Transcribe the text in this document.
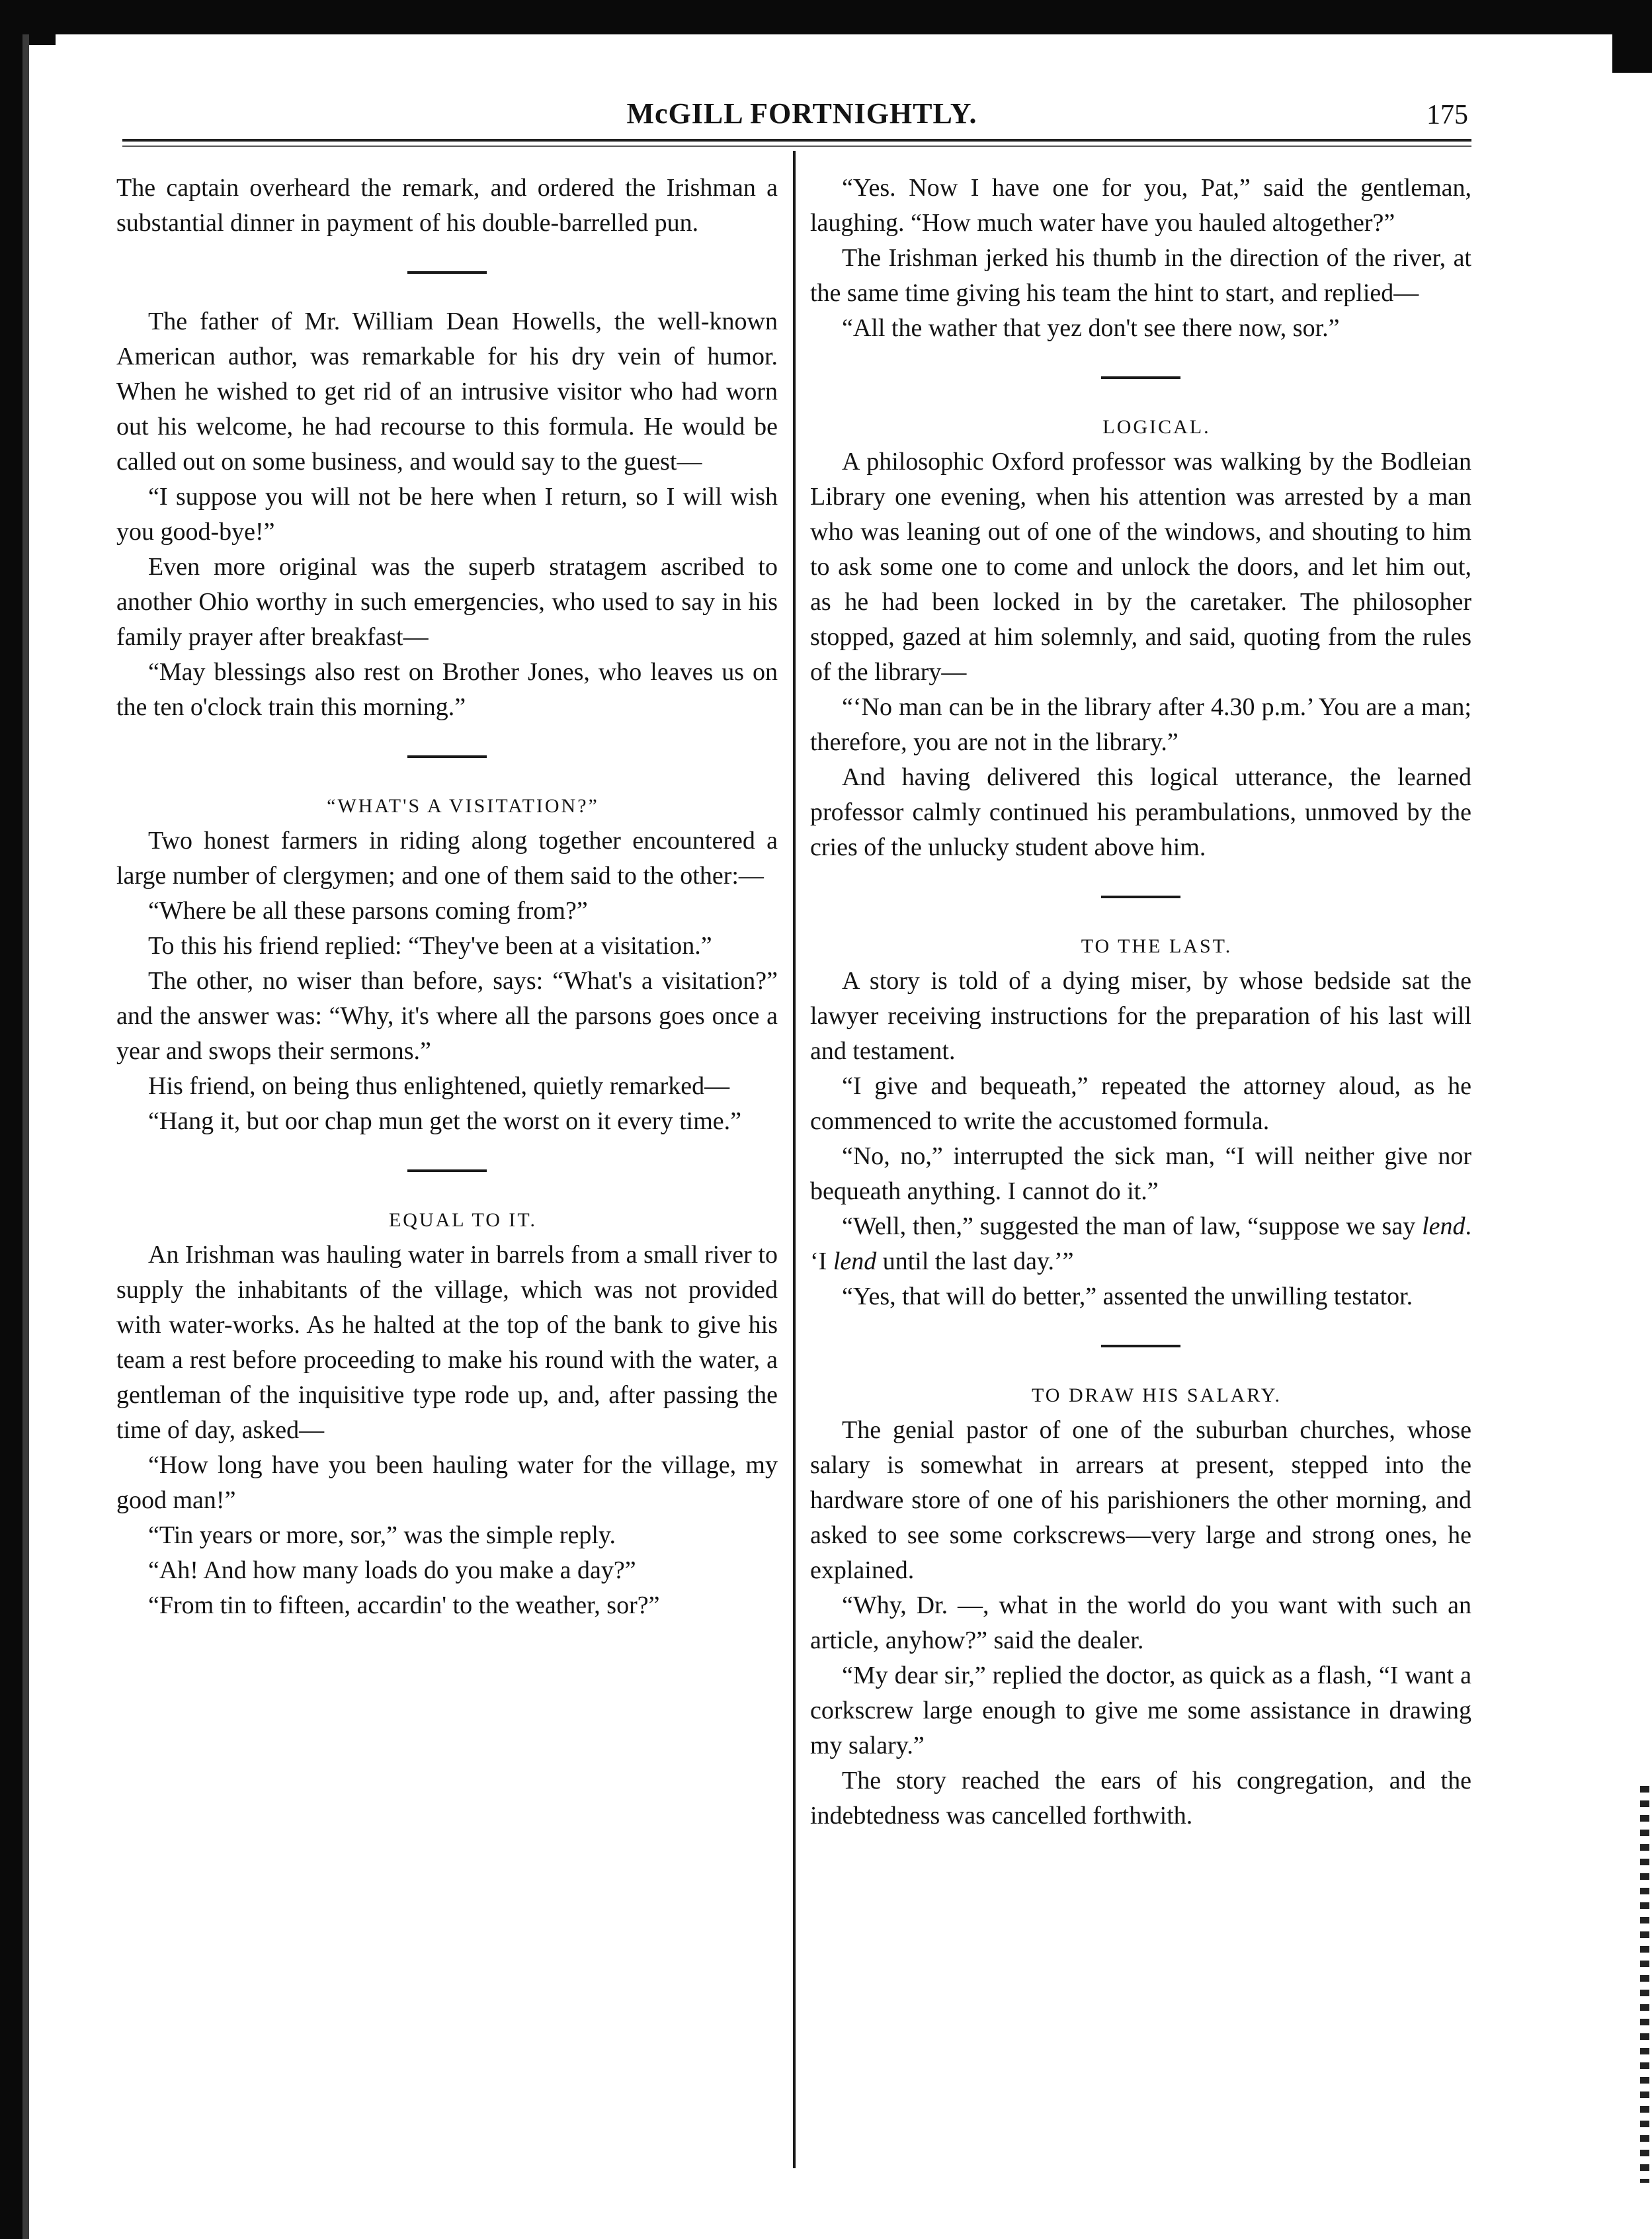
McGILL FORTNIGHTLY.	175

The captain overheard the remark, and ordered the Irishman a substantial dinner in payment of his double-barrelled pun.

The father of Mr. William Dean Howells, the well-known American author, was remarkable for his dry vein of humor. When he wished to get rid of an intrusive visitor who had worn out his welcome, he had recourse to this formula. He would be called out on some business, and would say to the guest—

“I suppose you will not be here when I return, so I will wish you good-bye!”

Even more original was the superb stratagem ascribed to another Ohio worthy in such emergencies, who used to say in his family prayer after breakfast—

“May blessings also rest on Brother Jones, who leaves us on the ten o'clock train this morning.”

“WHAT'S A VISITATION?”

Two honest farmers in riding along together encountered a large number of clergymen; and one of them said to the other:—

“Where be all these parsons coming from?”

To this his friend replied: “They've been at a visitation.”

The other, no wiser than before, says: “What's a visitation?” and the answer was: “Why, it's where all the parsons goes once a year and swops their sermons.”

His friend, on being thus enlightened, quietly remarked—

“Hang it, but oor chap mun get the worst on it every time.”

EQUAL TO IT.

An Irishman was hauling water in barrels from a small river to supply the inhabitants of the village, which was not provided with water-works. As he halted at the top of the bank to give his team a rest before proceeding to make his round with the water, a gentleman of the inquisitive type rode up, and, after passing the time of day, asked—

“How long have you been hauling water for the village, my good man!”

“Tin years or more, sor,” was the simple reply.

“Ah! And how many loads do you make a day?”

“From tin to fifteen, accardin' to the weather, sor?”

“Yes. Now I have one for you, Pat,” said the gentleman, laughing. “How much water have you hauled altogether?”

The Irishman jerked his thumb in the direction of the river, at the same time giving his team the hint to start, and replied—

“All the wather that yez don't see there now, sor.”

LOGICAL.

A philosophic Oxford professor was walking by the Bodleian Library one evening, when his attention was arrested by a man who was leaning out of one of the windows, and shouting to him to ask some one to come and unlock the doors, and let him out, as he had been locked in by the caretaker. The philosopher stopped, gazed at him solemnly, and said, quoting from the rules of the library—

“‘No man can be in the library after 4.30 p.m.’ You are a man; therefore, you are not in the library.”

And having delivered this logical utterance, the learned professor calmly continued his perambulations, unmoved by the cries of the unlucky student above him.

TO THE LAST.

A story is told of a dying miser, by whose bedside sat the lawyer receiving instructions for the preparation of his last will and testament.

“I give and bequeath,” repeated the attorney aloud, as he commenced to write the accustomed formula.

“No, no,” interrupted the sick man, “I will neither give nor bequeath anything. I cannot do it.”

“Well, then,” suggested the man of law, “suppose we say lend. ‘I lend until the last day.’”

“Yes, that will do better,” assented the unwilling testator.

TO DRAW HIS SALARY.

The genial pastor of one of the suburban churches, whose salary is somewhat in arrears at present, stepped into the hardware store of one of his parishioners the other morning, and asked to see some corkscrews—very large and strong ones, he explained.

“Why, Dr. —, what in the world do you want with such an article, anyhow?” said the dealer.

“My dear sir,” replied the doctor, as quick as a flash, “I want a corkscrew large enough to give me some assistance in drawing my salary.”

The story reached the ears of his congregation, and the indebtedness was cancelled forthwith.
